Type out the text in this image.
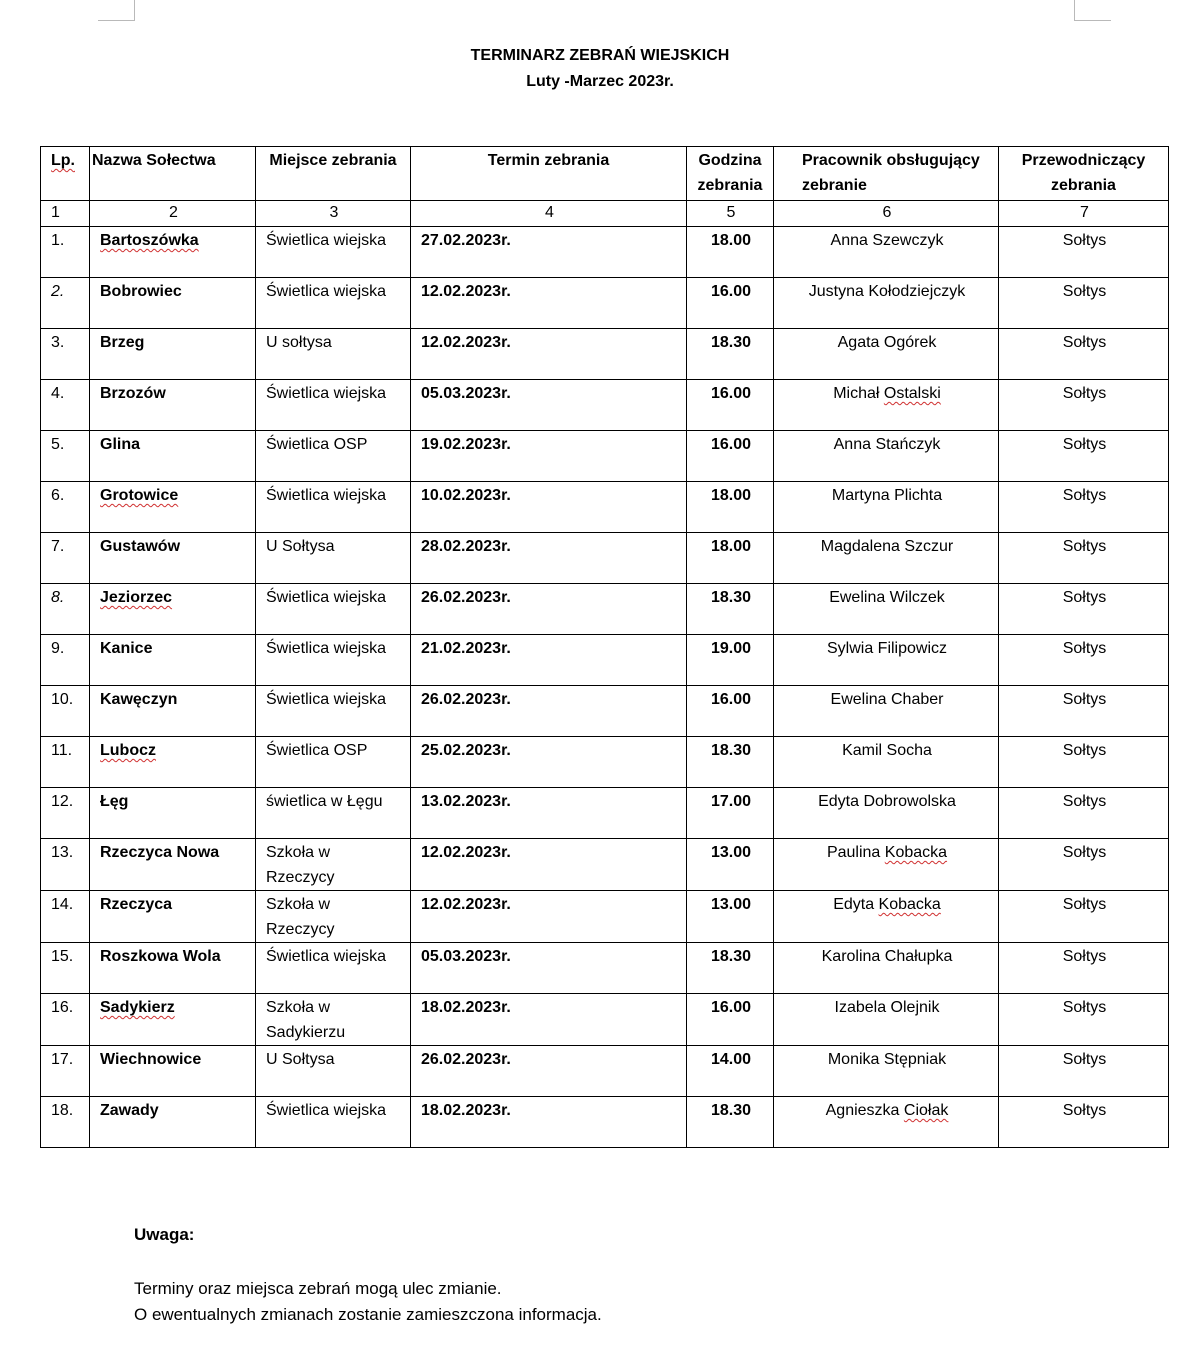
TERMINARZ ZEBRAŃ WIEJSKICH
Luty -Marzec 2023r.
Lp.	Nazwa Sołectwa	Miejsce zebrania	Termin zebrania	Godzina zebrania	Pracownik obsługujący zebranie	Przewodniczący zebrania
1	2	3	4	5	6	7
1.	Bartoszówka	Świetlica wiejska	27.02.2023r.	18.00	Anna Szewczyk	Sołtys
2.	Bobrowiec	Świetlica wiejska	12.02.2023r.	16.00	Justyna Kołodziejczyk	Sołtys
3.	Brzeg	U sołtysa	12.02.2023r.	18.30	Agata Ogórek	Sołtys
4.	Brzozów	Świetlica wiejska	05.03.2023r.	16.00	Michał Ostalski	Sołtys
5.	Glina	Świetlica OSP	19.02.2023r.	16.00	Anna Stańczyk	Sołtys
6.	Grotowice	Świetlica wiejska	10.02.2023r.	18.00	Martyna Plichta	Sołtys
7.	Gustawów	U Sołtysa	28.02.2023r.	18.00	Magdalena Szczur	Sołtys
8.	Jeziorzec	Świetlica wiejska	26.02.2023r.	18.30	Ewelina Wilczek	Sołtys
9.	Kanice	Świetlica wiejska	21.02.2023r.	19.00	Sylwia Filipowicz	Sołtys
10.	Kawęczyn	Świetlica wiejska	26.02.2023r.	16.00	Ewelina Chaber	Sołtys
11.	Lubocz	Świetlica OSP	25.02.2023r.	18.30	Kamil Socha	Sołtys
12.	Łęg	świetlica w Łęgu	13.02.2023r.	17.00	Edyta Dobrowolska	Sołtys
13.	Rzeczyca Nowa	Szkoła w Rzeczycy	12.02.2023r.	13.00	Paulina Kobacka	Sołtys
14.	Rzeczyca	Szkoła w Rzeczycy	12.02.2023r.	13.00	Edyta Kobacka	Sołtys
15.	Roszkowa Wola	Świetlica wiejska	05.03.2023r.	18.30	Karolina Chałupka	Sołtys
16.	Sadykierz	Szkoła w Sadykierzu	18.02.2023r.	16.00	Izabela Olejnik	Sołtys
17.	Wiechnowice	U Sołtysa	26.02.2023r.	14.00	Monika Stępniak	Sołtys
18.	Zawady	Świetlica wiejska	18.02.2023r.	18.30	Agnieszka Ciołak	Sołtys
Uwaga:
Terminy oraz miejsca zebrań mogą ulec zmianie.
O ewentualnych zmianach zostanie zamieszczona informacja.
